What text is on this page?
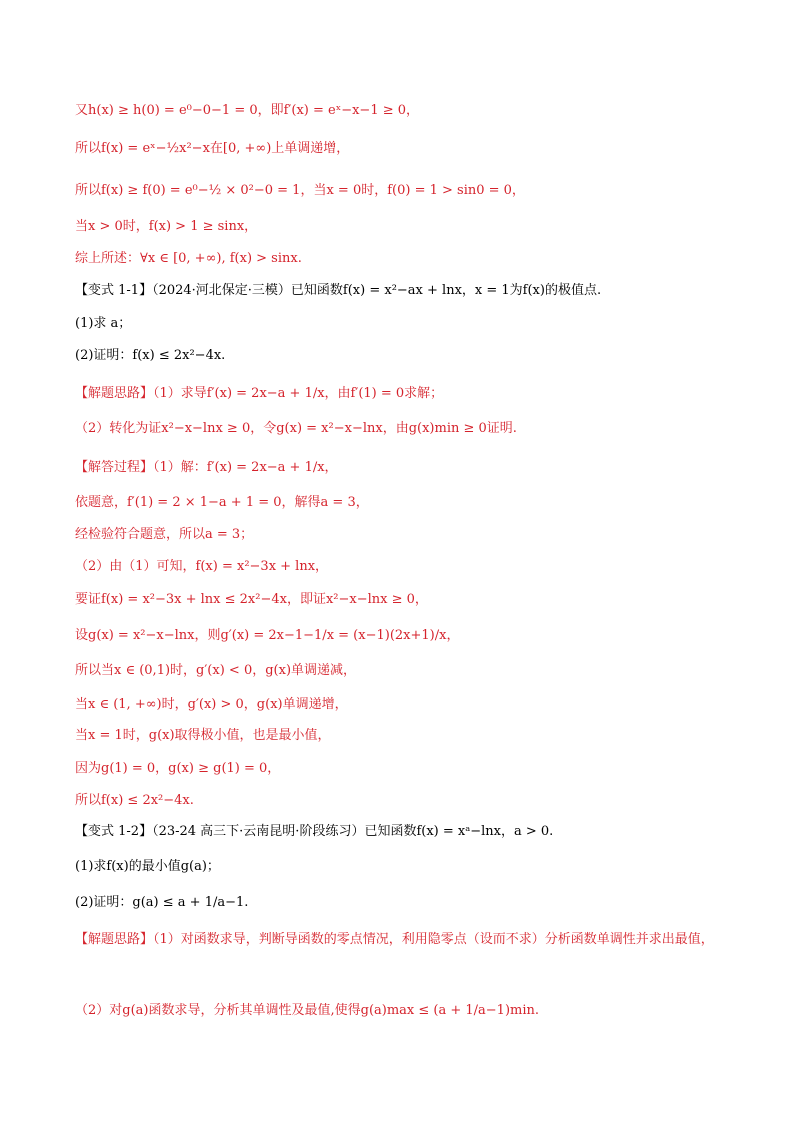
又h(x) ≥ h(0) = e⁰−0−1 = 0，即f′(x) = eˣ−x−1 ≥ 0，
所以f(x) = eˣ−½x²−x在[0, +∞)上单调递增，
所以f(x) ≥ f(0) = e⁰−½ × 0²−0 = 1，当x = 0时，f(0) = 1 > sin0 = 0，
当x > 0时，f(x) > 1 ≥ sinx，
综上所述：∀x ∈ [0, +∞), f(x) > sinx.
【变式 1-1】（2024·河北保定·三模）已知函数f(x) = x²−ax + lnx，x = 1为f(x)的极值点.
(1)求 a；
(2)证明：f(x) ≤ 2x²−4x.
【解题思路】（1）求导f′(x) = 2x−a + 1/x，由f′(1) = 0求解；
（2）转化为证x²−x−lnx ≥ 0，令g(x) = x²−x−lnx，由g(x)min ≥ 0证明.
【解答过程】（1）解：f′(x) = 2x−a + 1/x，
依题意，f′(1) = 2 × 1−a + 1 = 0，解得a = 3，
经检验符合题意，所以a = 3；
（2）由（1）可知，f(x) = x²−3x + lnx，
要证f(x) = x²−3x + lnx ≤ 2x²−4x，即证x²−x−lnx ≥ 0，
设g(x) = x²−x−lnx，则g′(x) = 2x−1−1/x = (x−1)(2x+1)/x，
所以当x ∈ (0,1)时，g′(x) < 0，g(x)单调递减，
当x ∈ (1, +∞)时，g′(x) > 0，g(x)单调递增，
当x = 1时，g(x)取得极小值，也是最小值，
因为g(1) = 0，g(x) ≥ g(1) = 0，
所以f(x) ≤ 2x²−4x.
【变式 1-2】（23-24 高三下·云南昆明·阶段练习）已知函数f(x) = xᵃ−lnx，a > 0.
(1)求f(x)的最小值g(a)；
(2)证明：g(a) ≤ a + 1/a−1.
【解题思路】（1）对函数求导，判断导函数的零点情况，利用隐零点（设而不求）分析函数单调性并求出最值，
（2）对g(a)函数求导，分析其单调性及最值,使得g(a)max ≤ (a + 1/a−1)min.
